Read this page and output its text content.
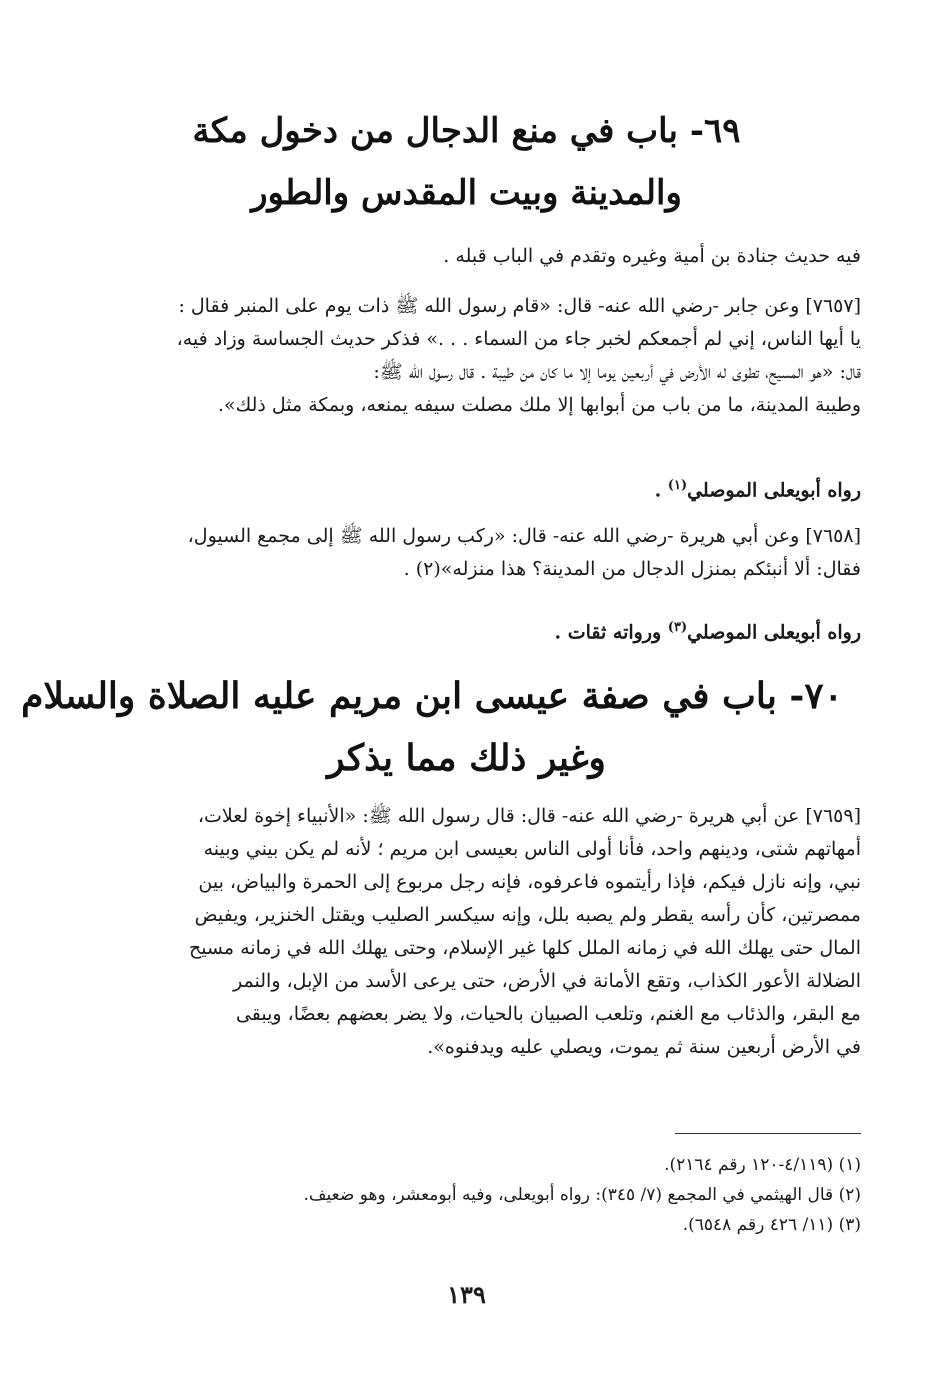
٦٩- باب في منع الدجال من دخول مكة
والمدينة وبيت المقدس والطور
فيه حديث جنادة بن أمية وغيره وتقدم في الباب قبله .
[٧٦٥٧] وعن جابر -رضي الله عنه- قال: «قام رسول الله ﷺ ذات يوم على المنبر فقال :
يا أيها الناس، إني لم أجمعكم لخبر جاء من السماء . . .» فذكر حديث الجساسة وزاد فيه،
قال: «هو المسيح، تطوى له الأرض في أربعين يوما إلا ما كان من طيبة . قال رسول الله ﷺ:
وطيبة المدينة، ما من باب من أبوابها إلا ملك مصلت سيفه يمنعه، وبمكة مثل ذلك».
رواه أبويعلى الموصلي$^{(١)}$ .
[٧٦٥٨] وعن أبي هريرة -رضي الله عنه- قال: «ركب رسول الله ﷺ إلى مجمع السيول،
فقال: ألا أنبئكم بمنزل الدجال من المدينة؟ هذا منزله»(٢) .
رواه أبويعلى الموصلي$^{(٣)}$ ورواته ثقات .
٧٠- باب في صفة عيسى ابن مريم عليه الصلاة والسلام
وغير ذلك مما يذكر
[٧٦٥٩] عن أبي هريرة -رضي الله عنه- قال: قال رسول الله ﷺ: «الأنبياء إخوة لعلات،
أمهاتهم شتى، ودينهم واحد، فأنا أولى الناس بعيسى ابن مريم ؛ لأنه لم يكن بيني وبينه
نبي، وإنه نازل فيكم، فإذا رأيتموه فاعرفوه، فإنه رجل مربوع إلى الحمرة والبياض، بين
ممصرتين، كأن رأسه يقطر ولم يصبه بلل، وإنه سيكسر الصليب ويقتل الخنزير، ويفيض
المال حتى يهلك الله في زمانه الملل كلها غير الإسلام، وحتى يهلك الله في زمانه مسيح
الضلالة الأعور الكذاب، وتقع الأمانة في الأرض، حتى يرعى الأسد من الإبل، والنمر
مع البقر، والذئاب مع الغنم، وتلعب الصبيان بالحيات، ولا يضر بعضهم بعضًا، ويبقى
في الأرض أربعين سنة ثم يموت، ويصلي عليه ويدفنوه».
(١) (٤/١١٩-١٢٠ رقم ٢١٦٤).
(٢) قال الهيثمي في المجمع (٧/ ٣٤٥): رواه أبويعلى، وفيه أبومعشر، وهو ضعيف.
(٣) (١١/ ٤٢٦ رقم ٦٥٤٨).
١٣٩
